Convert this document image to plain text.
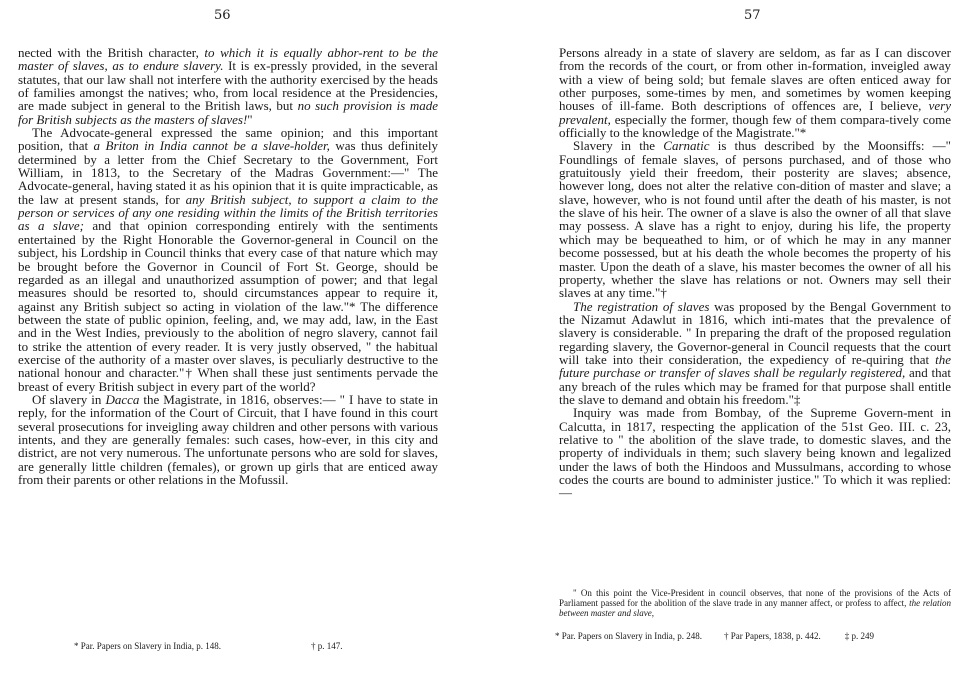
56

nected with the British character, to which it is equally abhor-rent to be the master of slaves, as to endure slavery. It is ex-pressly provided, in the several statutes, that our law shall not interfere with the authority exercised by the heads of families amongst the natives; who, from local residence at the Presidencies, are made subject in general to the British laws, but no such provision is made for British subjects as the masters of slaves!"

The Advocate-general expressed the same opinion; and this important position, that a Briton in India cannot be a slave-holder, was thus definitely determined by a letter from the Chief Secretary to the Government, Fort William, in 1813, to the Secretary of the Madras Government:—" The Advocate-general, having stated it as his opinion that it is quite impracticable, as the law at present stands, for any British subject, to support a claim to the person or services of any one residing within the limits of the British territories as a slave; and that opinion corresponding entirely with the sentiments entertained by the Right Honorable the Governor-general in Council on the subject, his Lordship in Council thinks that every case of that nature which may be brought before the Governor in Council of Fort St. George, should be regarded as an illegal and unauthorized assumption of power; and that legal measures should be resorted to, should circumstances appear to require it, against any British subject so acting in violation of the law."* The difference between the state of public opinion, feeling, and, we may add, law, in the East and in the West Indies, previously to the abolition of negro slavery, cannot fail to strike the attention of every reader. It is very justly observed, " the habitual exercise of the authority of a master over slaves, is peculiarly destructive to the national honour and character."† When shall these just sentiments pervade the breast of every British subject in every part of the world?

Of slavery in Dacca the Magistrate, in 1816, observes:— " I have to state in reply, for the information of the Court of Circuit, that I have found in this court several prosecutions for inveigling away children and other persons with various intents, and they are generally females: such cases, how-ever, in this city and district, are not very numerous. The unfortunate persons who are sold for slaves, are generally little children (females), or grown up girls that are enticed away from their parents or other relations in the Mofussil.

* Par. Papers on Slavery in India, p. 148.	† p. 147.
57

Persons already in a state of slavery are seldom, as far as I can discover from the records of the court, or from other in-formation, inveigled away with a view of being sold; but female slaves are often enticed away for other purposes, some-times by men, and sometimes by women keeping houses of ill-fame. Both descriptions of offences are, I believe, very prevalent, especially the former, though few of them compara-tively come officially to the knowledge of the Magistrate."*

Slavery in the Carnatic is thus described by the Moonsiffs: —" Foundlings of female slaves, of persons purchased, and of those who gratuitously yield their freedom, their posterity are slaves; absence, however long, does not alter the relative con-dition of master and slave; a slave, however, who is not found until after the death of his master, is not the slave of his heir. The owner of a slave is also the owner of all that slave may possess. A slave has a right to enjoy, during his life, the property which may be bequeathed to him, or of which he may in any manner become possessed, but at his death the whole becomes the property of his master. Upon the death of a slave, his master becomes the owner of all his property, whether the slave has relations or not. Owners may sell their slaves at any time."†

The registration of slaves was proposed by the Bengal Government to the Nizamut Adawlut in 1816, which inti-mates that the prevalence of slavery is considerable. " In preparing the draft of the proposed regulation regarding slavery, the Governor-general in Council requests that the court will take into their consideration, the expediency of re-quiring that the future purchase or transfer of slaves shall be regularly registered, and that any breach of the rules which may be framed for that purpose shall entitle the slave to demand and obtain his freedom."‡

Inquiry was made from Bombay, of the Supreme Govern-ment in Calcutta, in 1817, respecting the application of the 51st Geo. III. c. 23, relative to " the abolition of the slave trade, to domestic slaves, and the property of individuals in them; such slavery being known and legalized under the laws of both the Hindoos and Mussulmans, according to whose codes the courts are bound to administer justice." To which it was replied:—

" On this point the Vice-President in council observes, that none of the provisions of the Acts of Parliament passed for the abolition of the slave trade in any manner affect, or profess to affect, the relation between master and slave,

* Par. Papers on Slavery in India, p. 248. † Par Papers, 1838, p. 442.	‡ p. 249
